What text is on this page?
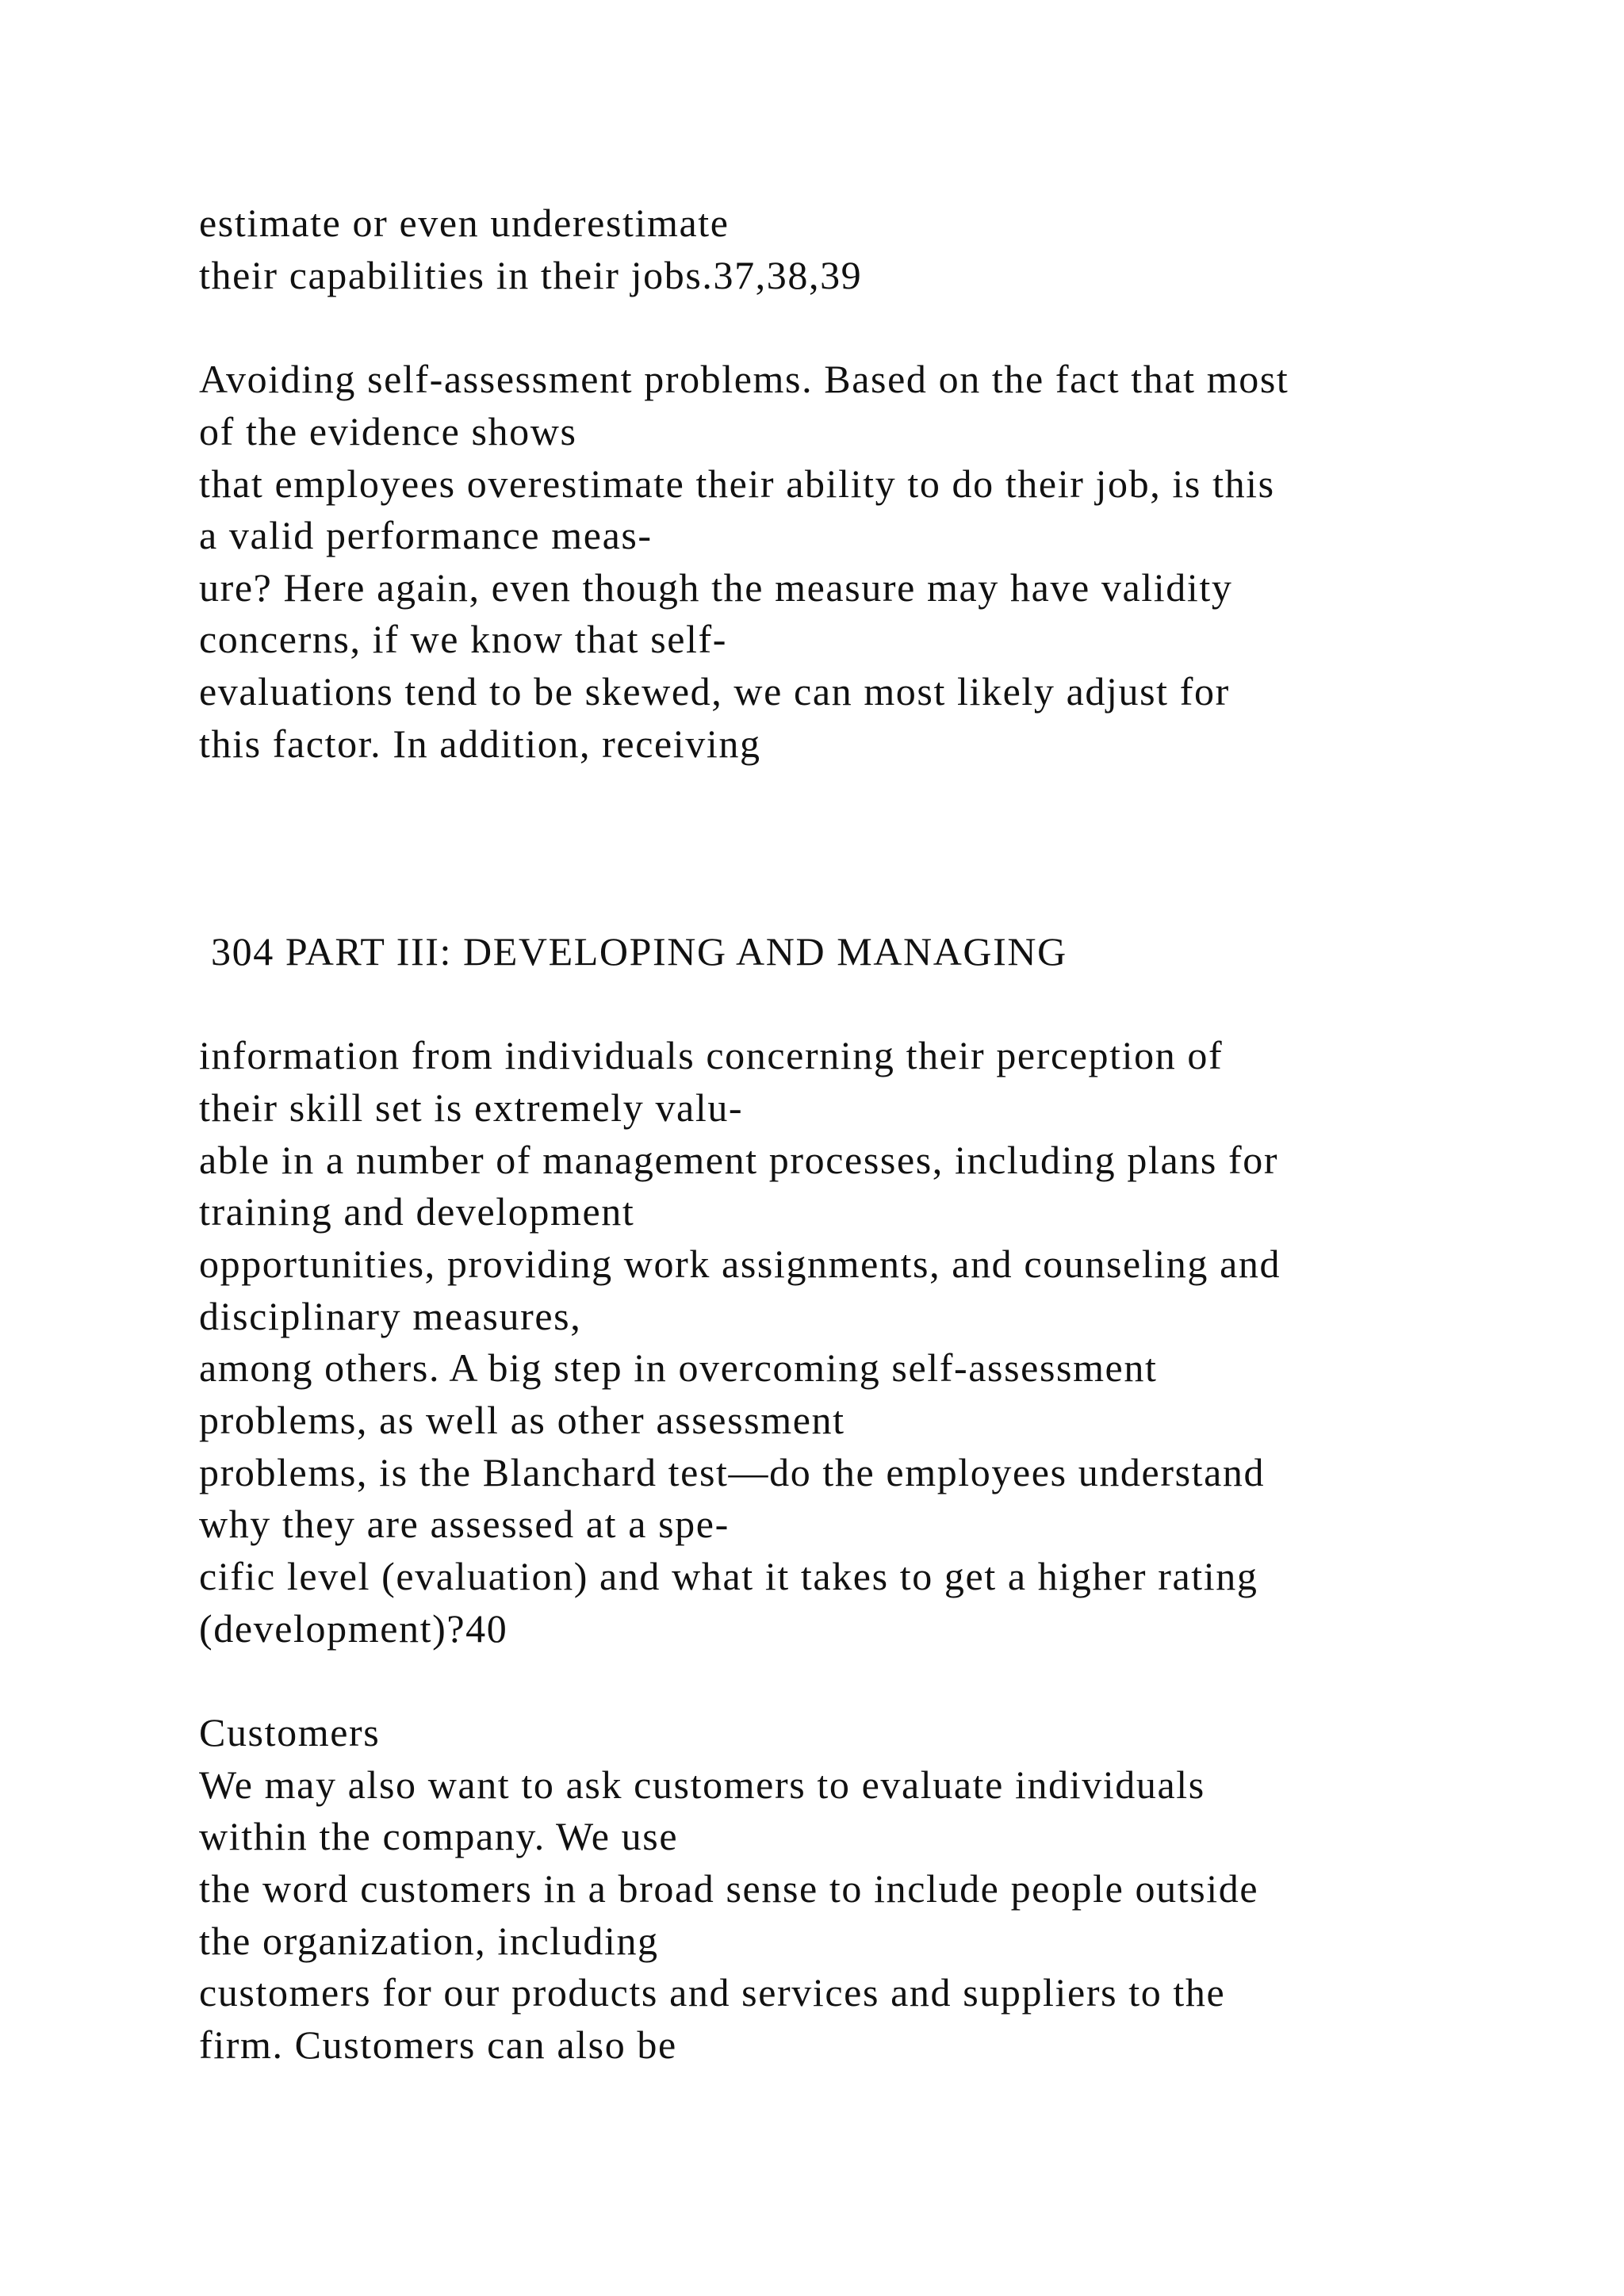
estimate or even underestimate

their capabilities in their jobs.37,38,39

Avoiding self-assessment problems. Based on the fact that most

of the evidence shows

that employees overestimate their ability to do their job, is this

a valid performance meas-

ure? Here again, even though the measure may have validity

concerns, if we know that self-

evaluations tend to be skewed, we can most likely adjust for

this factor. In addition, receiving

304 PART III: DEVELOPING AND MANAGING

information from individuals concerning their perception of

their skill set is extremely valu-

able in a number of management processes, including plans for

training and development

opportunities, providing work assignments, and counseling and

disciplinary measures,

among others. A big step in overcoming self-assessment

problems, as well as other assessment

problems, is the Blanchard test—do the employees understand

why they are assessed at a spe-

cific level (evaluation) and what it takes to get a higher rating

(development)?40

Customers

We may also want to ask customers to evaluate individuals

within the company. We use

the word customers in a broad sense to include people outside

the organization, including

customers for our products and services and suppliers to the

firm. Customers can also be
